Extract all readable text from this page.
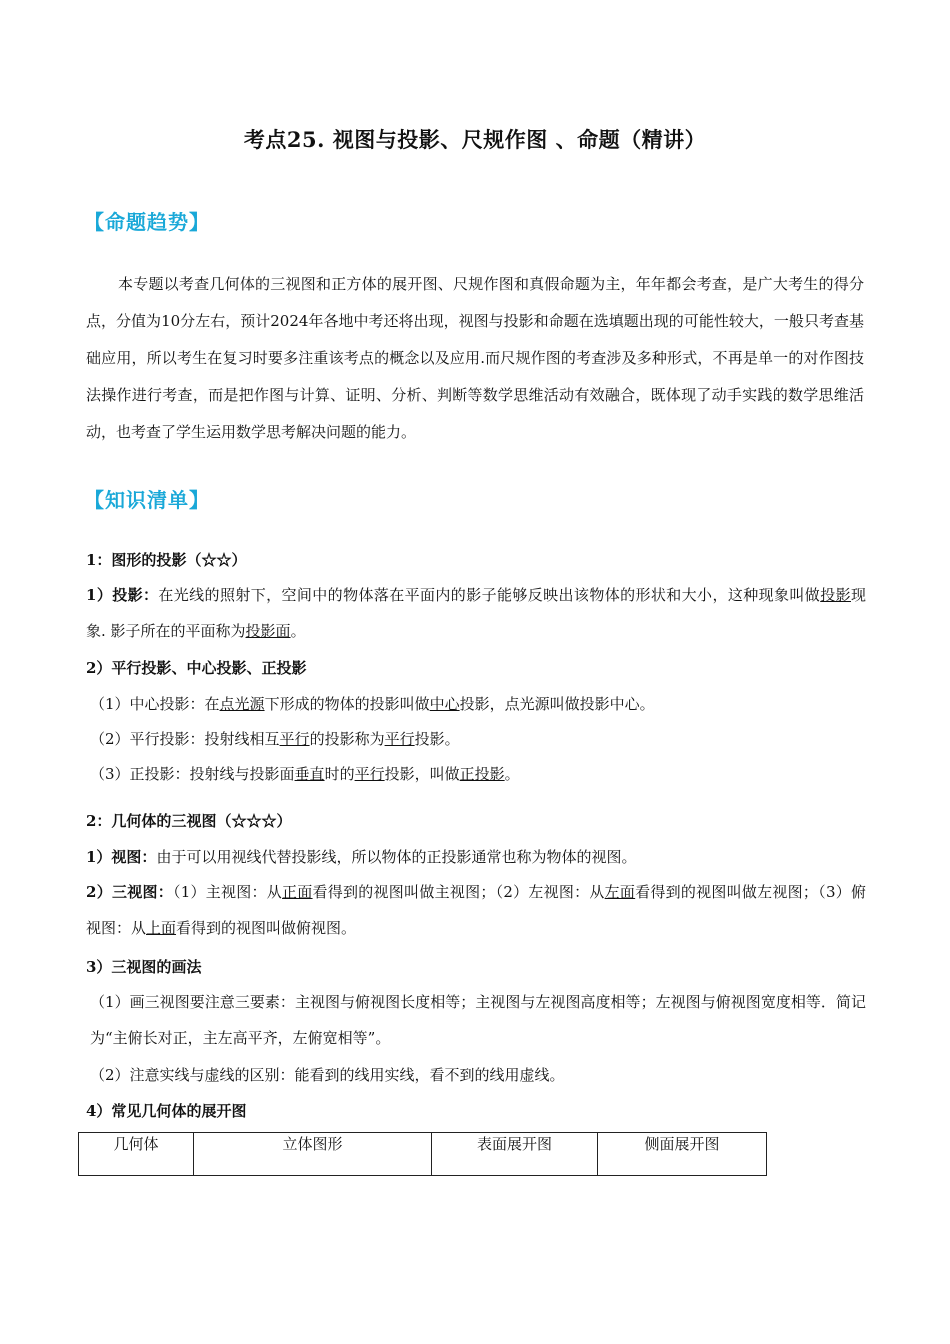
考点25. 视图与投影、尺规作图 、命题（精讲）
【命题趋势】
本专题以考查几何体的三视图和正方体的展开图、尺规作图和真假命题为主，年年都会考查，是广大考生的得分点，分值为10分左右，预计2024年各地中考还将出现，视图与投影和命题在选填题出现的可能性较大，一般只考查基础应用，所以考生在复习时要多注重该考点的概念以及应用.而尺规作图的考查涉及多种形式，不再是单一的对作图技法操作进行考查，而是把作图与计算、证明、分析、判断等数学思维活动有效融合，既体现了动手实践的数学思维活动，也考查了学生运用数学思考解决问题的能力。
【知识清单】
1：图形的投影（☆☆）
1）投影：在光线的照射下，空间中的物体落在平面内的影子能够反映出该物体的形状和大小，这种现象叫做投影现象. 影子所在的平面称为投影面。
2）平行投影、中心投影、正投影
（1）中心投影：在点光源下形成的物体的投影叫做中心投影，点光源叫做投影中心。
（2）平行投影：投射线相互平行的投影称为平行投影。
（3）正投影：投射线与投影面垂直时的平行投影，叫做正投影。
2：几何体的三视图（☆☆☆）
1）视图：由于可以用视线代替投影线，所以物体的正投影通常也称为物体的视图。
2）三视图：（1）主视图：从正面看得到的视图叫做主视图；（2）左视图：从左面看得到的视图叫做左视图；（3）俯视图：从上面看得到的视图叫做俯视图。
3）三视图的画法
（1）画三视图要注意三要素：主视图与俯视图长度相等；主视图与左视图高度相等；左视图与俯视图宽度相等．简记为“主俯长对正，主左高平齐，左俯宽相等”。
（2）注意实线与虚线的区别：能看到的线用实线，看不到的线用虚线。
4）常见几何体的展开图
几何体	立体图形	表面展开图	侧面展开图
